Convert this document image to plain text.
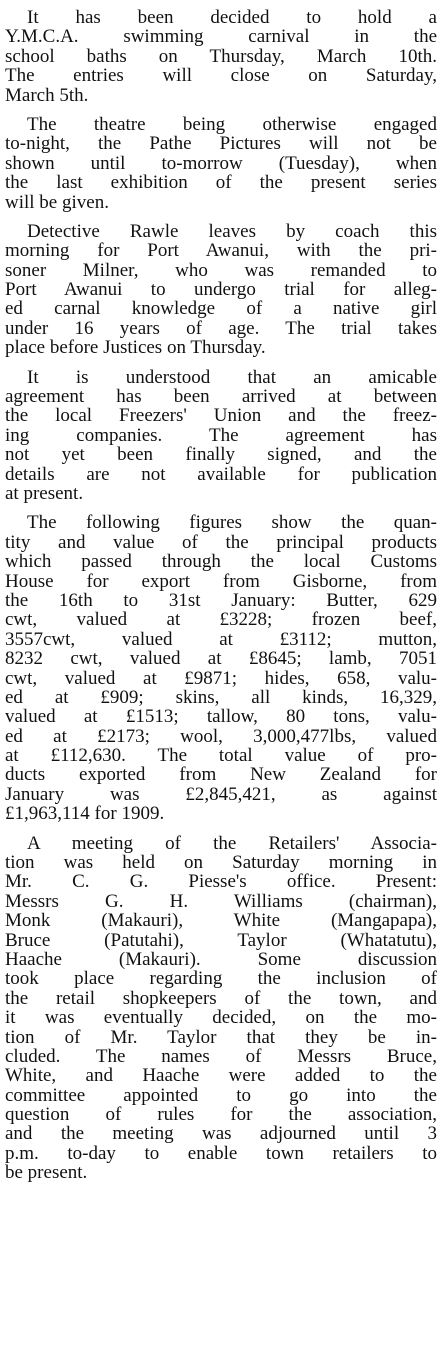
It has been decided to hold a
Y.M.C.A. swimming carnival in the
school baths on Thursday, March 10th.
The entries will close on Saturday,
March 5th.
The theatre being otherwise engaged
to-night, the Pathe Pictures will not be
shown until to-morrow (Tuesday), when
the last exhibition of the present series
will be given.
Detective Rawle leaves by coach this
morning for Port Awanui, with the pri-
soner Milner, who was remanded to
Port Awanui to undergo trial for alleg-
ed carnal knowledge of a native girl
under 16 years of age. The trial takes
place before Justices on Thursday.
It is understood that an amicable
agreement has been arrived at between
the local Freezers' Union and the freez-
ing companies. The agreement has
not yet been finally signed, and the
details are not available for publication
at present.
The following figures show the quan-
tity and value of the principal products
which passed through the local Customs
House for export from Gisborne, from
the 16th to 31st January: Butter, 629
cwt, valued at £3228; frozen beef,
3557cwt, valued at £3112; mutton,
8232 cwt, valued at £8645; lamb, 7051
cwt, valued at £9871; hides, 658, valu-
ed at £909; skins, all kinds, 16,329,
valued at £1513; tallow, 80 tons, valu-
ed at £2173; wool, 3,000,477lbs, valued
at £112,630. The total value of pro-
ducts exported from New Zealand for
January was £2,845,421, as against
£1,963,114 for 1909.
A meeting of the Retailers' Associa-
tion was held on Saturday morning in
Mr. C. G. Piesse's office. Present:
Messrs G. H. Williams (chairman),
Monk (Makauri), White (Mangapapa),
Bruce (Patutahi), Taylor (Whatatutu),
Haache (Makauri). Some discussion
took place regarding the inclusion of
the retail shopkeepers of the town, and
it was eventually decided, on the mo-
tion of Mr. Taylor that they be in-
cluded. The names of Messrs Bruce,
White, and Haache were added to the
committee appointed to go into the
question of rules for the association,
and the meeting was adjourned until 3
p.m. to-day to enable town retailers to
be present.
